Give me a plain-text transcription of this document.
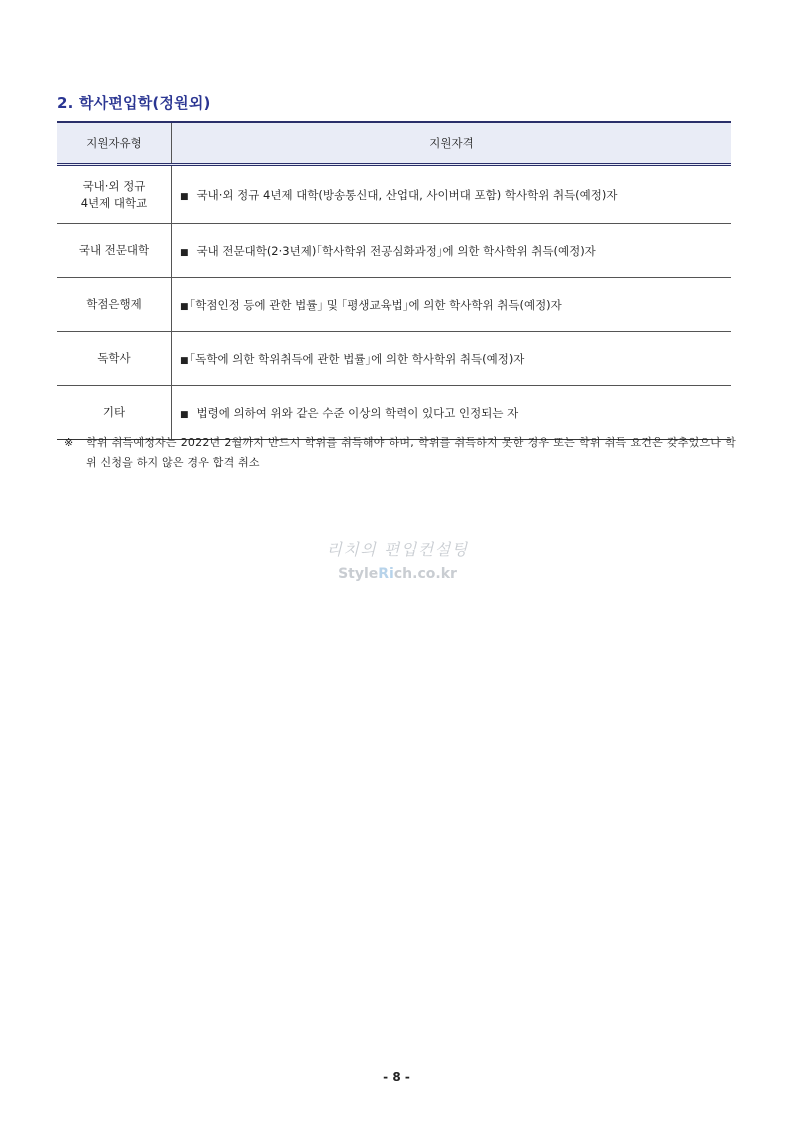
2. 학사편입학(정원외)
지원자유형	지원자격
국내·외 정규
4년제 대학교	■ 국내·외 정규 4년제 대학(방송통신대, 산업대, 사이버대 포함) 학사학위 취득(예정)자
국내 전문대학	■ 국내 전문대학(2·3년제)｢학사학위 전공심화과정｣에 의한 학사학위 취득(예정)자
학점은행제	■｢학점인정 등에 관한 법률｣ 및 ｢평생교육법｣에 의한 학사학위 취득(예정)자
독학사	■｢독학에 의한 학위취득에 관한 법률｣에 의한 학사학위 취득(예정)자
기타	■ 법령에 의하여 위와 같은 수준 이상의 학력이 있다고 인정되는 자
※ 학위 취득예정자는 2022년 2월까지 반드시 학위를 취득해야 하며, 학위를 취득하지 못한 경우 또는 학위 취득 요건은 갖추었으나 학위 신청을 하지 않은 경우 합격 취소
리치의 편입컨설팅
StyleRich.co.kr
- 8 -
